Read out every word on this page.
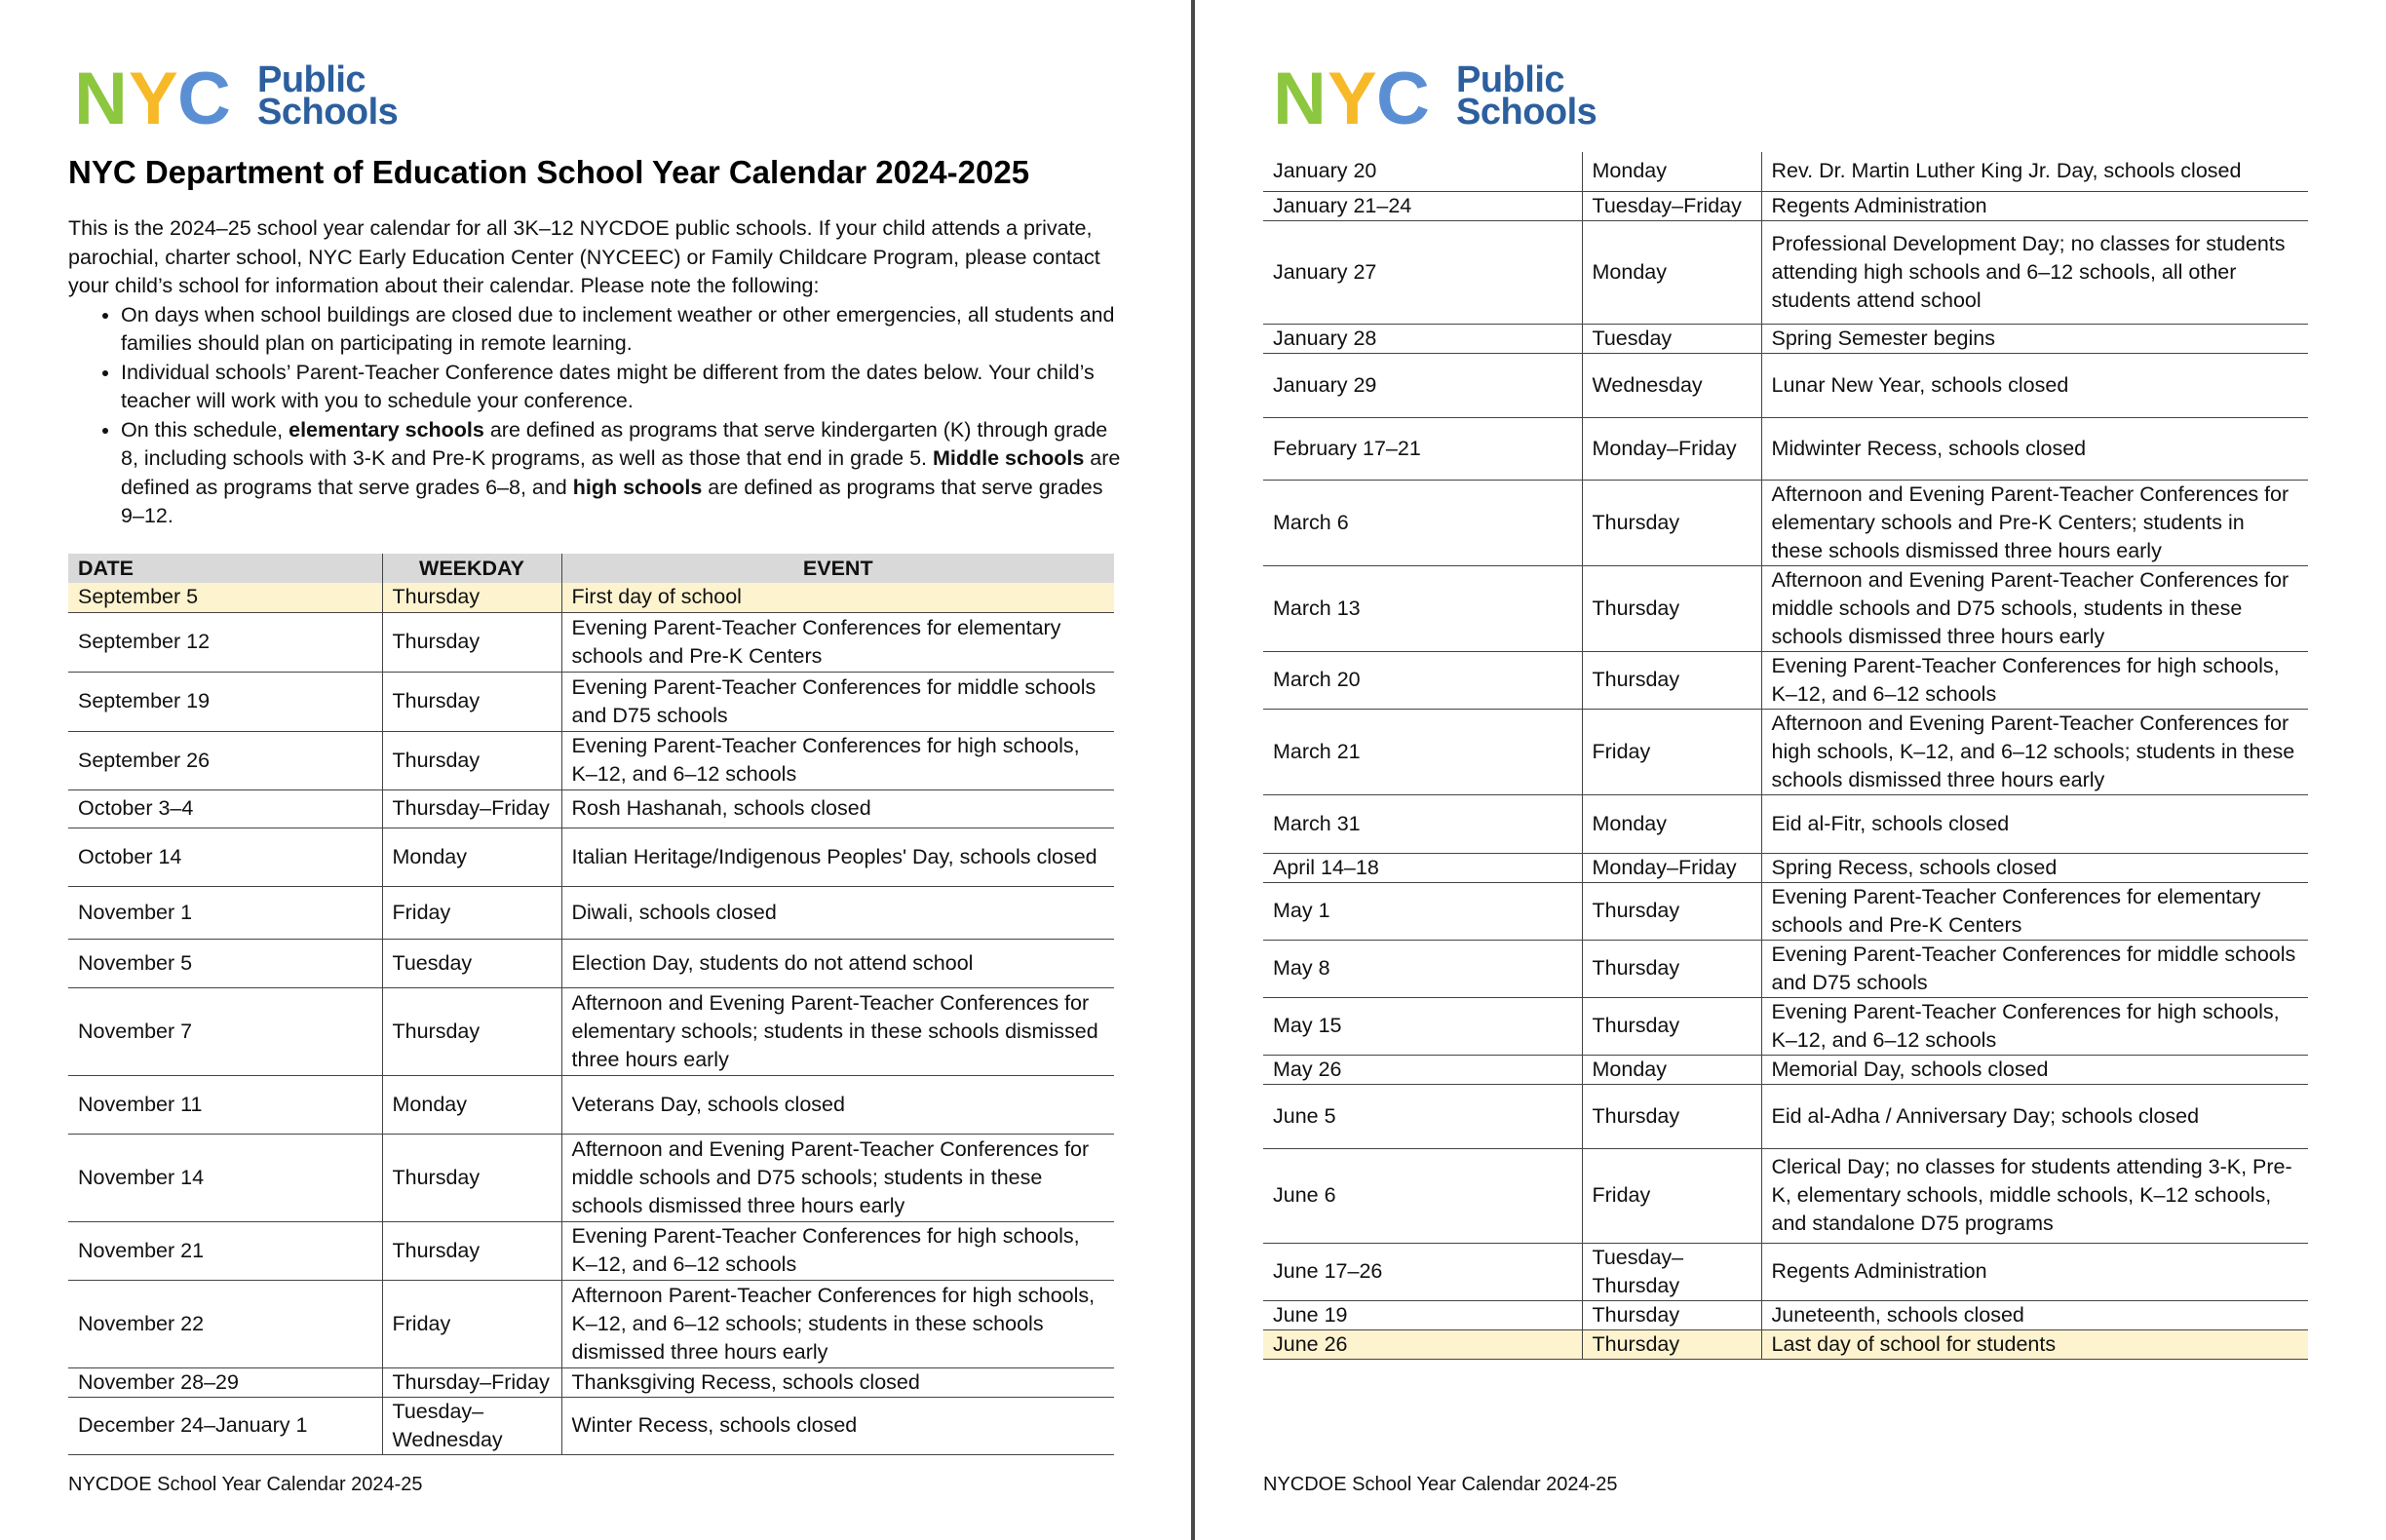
N Y C Public
Schools
NYC Department of Education School Year Calendar 2024-2025

This is the 2024–25 school year calendar for all 3K–12 NYCDOE public schools. If your child attends a private, parochial, charter school, NYC Early Education Center (NYCEEC) or Family Childcare Program, please contact your child’s school for information about their calendar. Please note the following:

• On days when school buildings are closed due to inclement weather or other emergencies, all students and families should plan on participating in remote learning.
• Individual schools’ Parent-Teacher Conference dates might be different from the dates below. Your child’s teacher will work with you to schedule your conference.
• On this schedule, elementary schools are defined as programs that serve kindergarten (K) through grade 8, including schools with 3-K and Pre-K programs, as well as those that end in grade 5. Middle schools are defined as programs that serve grades 6–8, and high schools are defined as programs that serve grades 9–12.
DATE	WEEKDAY	EVENT
September 5	Thursday	First day of school
September 12	Thursday	Evening Parent-Teacher Conferences for elementary schools and Pre-K Centers
September 19	Thursday	Evening Parent-Teacher Conferences for middle schools and D75 schools
September 26	Thursday	Evening Parent-Teacher Conferences for high schools, K–12, and 6–12 schools
October 3–4	Thursday–Friday	Rosh Hashanah, schools closed
October 14	Monday	Italian Heritage/Indigenous Peoples' Day, schools closed
November 1	Friday	Diwali, schools closed
November 5	Tuesday	Election Day, students do not attend school
November 7	Thursday	Afternoon and Evening Parent-Teacher Conferences for elementary schools; students in these schools dismissed three hours early
November 11	Monday	Veterans Day, schools closed
November 14	Thursday	Afternoon and Evening Parent-Teacher Conferences for middle schools and D75 schools; students in these schools dismissed three hours early
November 21	Thursday	Evening Parent-Teacher Conferences for high schools, K–12, and 6–12 schools
November 22	Friday	Afternoon Parent-Teacher Conferences for high schools, K–12, and 6–12 schools; students in these schools dismissed three hours early
November 28–29	Thursday–Friday	Thanksgiving Recess, schools closed
December 24–January 1	Tuesday–Wednesday	Winter Recess, schools closed
NYCDOE School Year Calendar 2024-25
N Y C Public
Schools
January 20	Monday	Rev. Dr. Martin Luther King Jr. Day, schools closed
January 21–24	Tuesday–Friday	Regents Administration
January 27	Monday	Professional Development Day; no classes for students attending high schools and 6–12 schools, all other students attend school
January 28	Tuesday	Spring Semester begins
January 29	Wednesday	Lunar New Year, schools closed
February 17–21	Monday–Friday	Midwinter Recess, schools closed
March 6	Thursday	Afternoon and Evening Parent-Teacher Conferences for elementary schools and Pre-K Centers; students in these schools dismissed three hours early
March 13	Thursday	Afternoon and Evening Parent-Teacher Conferences for middle schools and D75 schools, students in these schools dismissed three hours early
March 20	Thursday	Evening Parent-Teacher Conferences for high schools, K–12, and 6–12 schools
March 21	Friday	Afternoon and Evening Parent-Teacher Conferences for high schools, K–12, and 6–12 schools; students in these schools dismissed three hours early
March 31	Monday	Eid al-Fitr, schools closed
April 14–18	Monday–Friday	Spring Recess, schools closed
May 1	Thursday	Evening Parent-Teacher Conferences for elementary schools and Pre-K Centers
May 8	Thursday	Evening Parent-Teacher Conferences for middle schools and D75 schools
May 15	Thursday	Evening Parent-Teacher Conferences for high schools, K–12, and 6–12 schools
May 26	Monday	Memorial Day, schools closed
June 5	Thursday	Eid al-Adha / Anniversary Day; schools closed
June 6	Friday	Clerical Day; no classes for students attending 3-K, Pre-K, elementary schools, middle schools, K–12 schools, and standalone D75 programs
June 17–26	Tuesday–Thursday	Regents Administration
June 19	Thursday	Juneteenth, schools closed
June 26	Thursday	Last day of school for students
NYCDOE School Year Calendar 2024-25
